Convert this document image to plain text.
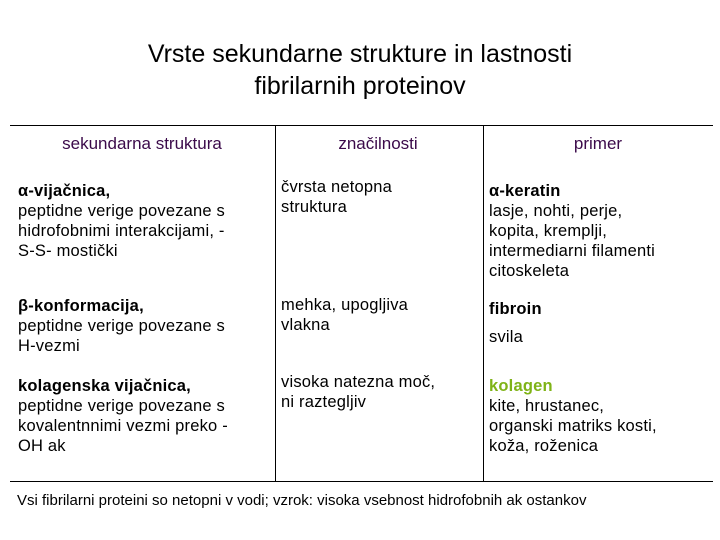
Vrste sekundarne strukture in lastnosti
fibrilarnih proteinov
sekundarna struktura	značilnosti	primer
α-vijačnica,
peptidne verige povezane s
hidrofobnimi interakcijami, -
S-S- mostički
čvrsta netopna
struktura
α-keratin
lasje, nohti, perje,
kopita, kremplji,
intermediarni filamenti
citoskeleta
β-konformacija,
peptidne verige povezane s
H-vezmi
mehka, upogljiva
vlakna
fibroin
svila
kolagenska vijačnica,
peptidne verige povezane s
kovalentnnimi vezmi preko -
OH ak
visoka natezna moč,
ni raztegljiv
kolagen
kite, hrustanec,
organski matriks kosti,
koža, roženica
Vsi fibrilarni proteini so netopni v vodi; vzrok: visoka vsebnost hidrofobnih ak ostankov
